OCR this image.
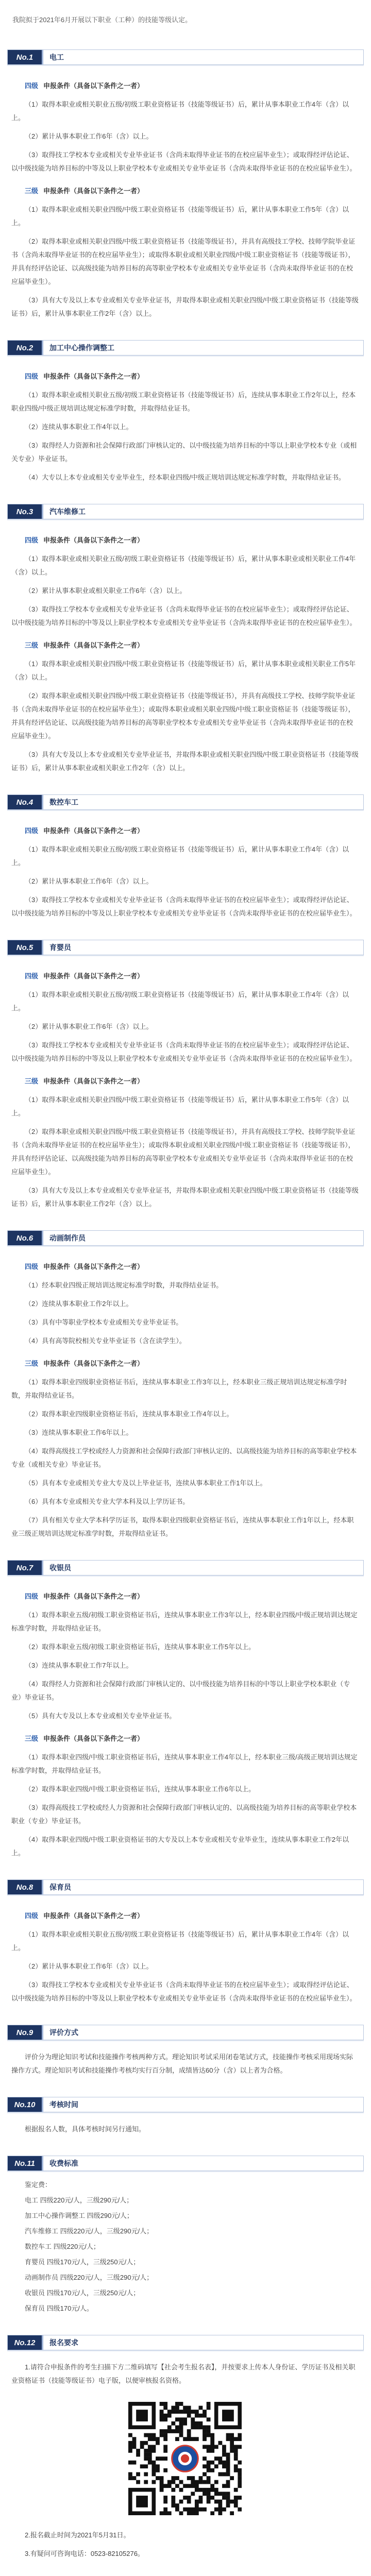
我院拟于2021年6月开展以下职业（工种）的技能等级认定。

No.1	电工

四级 申报条件（具备以下条件之一者）

（1）取得本职业或相关职业五级/初级工职业资格证书（技能等级证书）后，累计从事本职业工作4年（含）以上。

（2）累计从事本职业工作6年（含）以上。

（3）取得技工学校本专业或相关专业毕业证书（含尚未取得毕业证书的在校应届毕业生）；或取得经评估论证、以中级技能为培养目标的中等及以上职业学校本专业或相关专业毕业证书（含尚未取得毕业证书的在校应届毕业生）。

三级 申报条件（具备以下条件之一者）

（1）取得本职业或相关职业四级/中级工职业资格证书（技能等级证书）后，累计从事本职业工作5年（含）以上。

（2）取得本职业或相关职业四级/中级工职业资格证书（技能等级证书），并具有高级技工学校、技师学院毕业证书（含尚未取得毕业证书的在校应届毕业生）；或取得本职业或相关职业四级/中级工职业资格证书（技能等级证书），并具有经评估论证、以高级技能为培养目标的高等职业学校本专业或相关专业毕业证书（含尚未取得毕业证书的在校应届毕业生）。

（3）具有大专及以上本专业或相关专业毕业证书，并取得本职业或相关职业四级/中级工职业资格证书（技能等级证书）后，累计从事本职业工作2年（含）以上。

No.2	加工中心操作调整工

四级 申报条件（具备以下条件之一者）

（1）取得本职业或相关职业五级/初级工职业资格证书（技能等级证书）后，连续从事本职业工作2年以上，经本职业四级/中级正规培训达规定标准学时数，并取得结业证书。

（2）连续从事本职业工作4年以上。

（3）取得经人力资源和社会保障行政部门审核认定的、以中级技能为培养目标的中等以上职业学校本专业（或相关专业）毕业证书。

（4）大专以上本专业或相关专业毕业生，经本职业四级/中级正规培训达规定标准学时数，并取得结业证书。

No.3	汽车维修工

四级 申报条件（具备以下条件之一者）

（1）取得本职业或相关职业五级/初级工职业资格证书（技能等级证书）后，累计从事本职业或相关职业工作4年（含）以上。

（2）累计从事本职业或相关职业工作6年（含）以上。

（3）取得技工学校本专业或相关专业毕业证书（含尚未取得毕业证书的在校应届毕业生）；或取得经评估论证、以中级技能为培养目标的中等及以上职业学校本专业或相关专业毕业证书（含尚未取得毕业证书的在校应届毕业生）。

三级 申报条件（具备以下条件之一者）

（1）取得本职业或相关职业四级/中级工职业资格证书（技能等级证书）后，累计从事本职业或相关职业工作5年（含）以上。

（2）取得本职业或相关职业四级/中级工职业资格证书（技能等级证书），并具有高级技工学校、技师学院毕业证书（含尚未取得毕业证书的在校应届毕业生）；或取得本职业或相关职业四级/中级工职业资格证书（技能等级证书），并具有经评估论证、以高级技能为培养目标的高等职业学校本专业或相关专业毕业证书（含尚未取得毕业证书的在校应届毕业生）。

（3）具有大专及以上本专业或相关专业毕业证书，并取得本职业或相关职业四级/中级工职业资格证书（技能等级证书）后，累计从事本职业或相关职业工作2年（含）以上。

No.4	数控车工

四级 申报条件（具备以下条件之一者）

（1）取得本职业或相关职业五级/初级工职业资格证书（技能等级证书）后，累计从事本职业工作4年（含）以上。

（2）累计从事本职业工作6年（含）以上。

（3）取得技工学校本专业或相关专业毕业证书（含尚未取得毕业证书的在校应届毕业生）；或取得经评估论证、以中级技能为培养目标的中等及以上职业学校本专业或相关专业毕业证书（含尚未取得毕业证书的在校应届毕业生）。

No.5	育婴员

四级 申报条件（具备以下条件之一者）

（1）取得本职业或相关职业五级/初级工职业资格证书（技能等级证书）后，累计从事本职业工作4年（含）以上。

（2）累计从事本职业工作6年（含）以上。

（3）取得技工学校本专业或相关专业毕业证书（含尚未取得毕业证书的在校应届毕业生）；或取得经评估论证、以中级技能为培养目标的中等及以上职业学校本专业或相关专业毕业证书（含尚未取得毕业证书的在校应届毕业生）。

三级 申报条件（具备以下条件之一者）

（1）取得本职业或相关职业四级/中级工职业资格证书（技能等级证书）后，累计从事本职业工作5年（含）以上。

（2）取得本职业或相关职业四级/中级工职业资格证书（技能等级证书），并具有高级技工学校、技师学院毕业证书（含尚未取得毕业证书的在校应届毕业生）；或取得本职业或相关职业四级/中级工职业资格证书（技能等级证书），并具有经评估论证、以高级技能为培养目标的高等职业学校本专业或相关专业毕业证书（含尚未取得毕业证书的在校应届毕业生）。

（3）具有大专及以上本专业或相关专业毕业证书，并取得本职业或相关职业四级/中级工职业资格证书（技能等级证书）后，累计从事本职业工作2年（含）以上。

No.6	动画制作员

四级 申报条件（具备以下条件之一者）

（1）经本职业四级正规培训达规定标准学时数，并取得结业证书。

（2）连续从事本职业工作2年以上。

（3）具有中等职业学校本专业或相关专业毕业证书。

（4）具有高等院校相关专业毕业证书（含在读学生）。

三级 申报条件（具备以下条件之一者）

（1）取得本职业四级职业资格证书后，连续从事本职业工作3年以上，经本职业三级正规培训达规定标准学时数，并取得结业证书。

（2）取得本职业四级职业资格证书后，连续从事本职业工作4年以上。

（3）连续从事本职业工作6年以上。

（4）取得高级技工学校或经人力资源和社会保障行政部门审核认定的、以高级技能为培养目标的高等职业学校本专业（或相关专业）毕业证书。

（5）具有本专业或相关专业大专及以上毕业证书，连续从事本职业工作1年以上。

（6）具有本专业或相关专业大学本科及以上学历证书。

（7）具有相关专业大学本科学历证书，取得本职业四级职业资格证书后，连续从事本职业工作1年以上，经本职业三级正规培训达规定标准学时数，并取得结业证书。

No.7	收银员

四级 申报条件（具备以下条件之一者）

（1）取得本职业五级/初级工职业资格证书后，连续从事本职业工作3年以上，经本职业四级/中级正规培训达规定标准学时数，并取得结业证书。

（2）取得本职业五级/初级工职业资格证书后，连续从事本职业工作5年以上。

（3）连续从事本职业工作7年以上。

（4）取得经人力资源和社会保障行政部门审核认定的、以中级技能为培养目标的中等以上职业学校本职业（专业）毕业证书。

（5）具有大专及以上本专业或相关专业毕业证书。

三级 申报条件（具备以下条件之一者）

（1）取得本职业四级/中级工职业资格证书后，连续从事本职业工作4年以上，经本职业三级/高级正规培训达规定标准学时数，并取得结业证书。

（2）取得本职业四级/中级工职业资格证书后，连续从事本职业工作6年以上。

（3）取得高级技工学校或经人力资源和社会保障行政部门审核认定的、以高级技能为培养目标的高等职业学校本职业（专业）毕业证书。

（4）取得本职业四级/中级工职业资格证书的大专及以上本专业或相关专业毕业生，连续从事本职业工作2年以上。

No.8	保育员

四级 申报条件（具备以下条件之一者）

（1）取得本职业或相关职业五级/初级工职业资格证书（技能等级证书）后，累计从事本职业工作4年（含）以上。

（2）累计从事本职业工作6年（含）以上。

（3）取得技工学校本专业或相关专业毕业证书（含尚未取得毕业证书的在校应届毕业生）；或取得经评估论证、以中级技能为培养目标的中等及以上职业学校本专业或相关专业毕业证书（含尚未取得毕业证书的在校应届毕业生）。

No.9	评价方式

评价分为理论知识考试和技能操作考核两种方式。理论知识考试采用闭卷笔试方式，技能操作考核采用现场实际操作方式。理论知识考试和技能操作考核均实行百分制，成绩皆达60分（含）以上者为合格。

No.10	考核时间

根据报名人数，具体考核时间另行通知。

No.11	收费标准

鉴定费：

电工 四级220元/人，三级290元/人；

加工中心操作调整工 四级290元/人；

汽车维修工 四级220元/人，三级290元/人；

数控车工 四级220元/人；

育婴员 四级170元/人，三级250元/人；

动画制作员 四级220元/人，三级290元/人；

收银员 四级170元/人，三级250元/人；

保育员 四级170元/人。

No.12	报名要求

1.请符合申报条件的考生扫描下方二维码填写【社会考生报名表】，并按要求上传本人身份证、学历证书及相关职业资格证书（技能等级证书）电子版，以便审核报名资格。

2.报名截止时间为2021年5月31日。

3.有疑问可咨询电话：0523-82105276。
